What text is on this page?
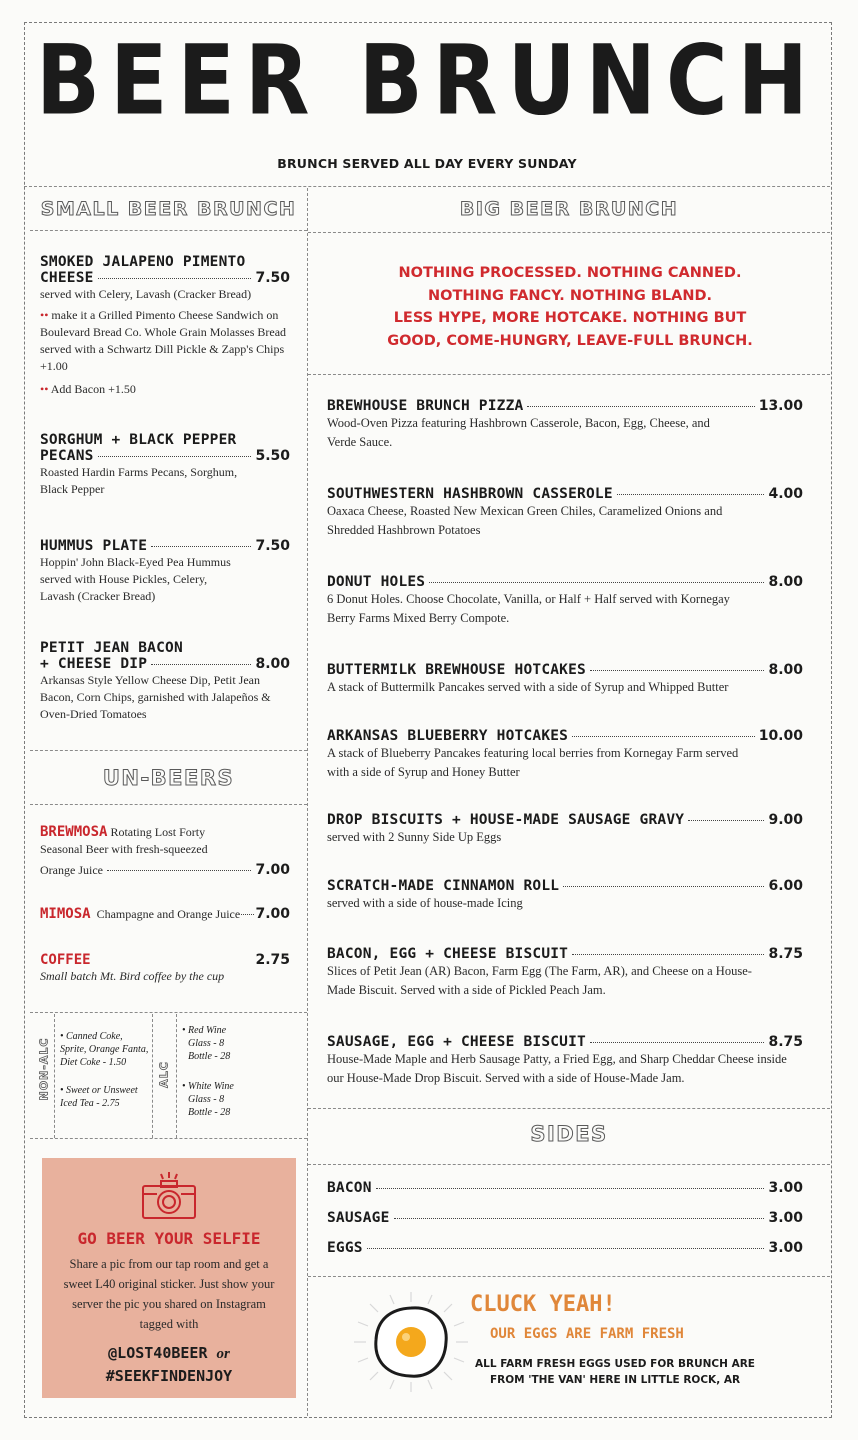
BEER BRUNCH
BRUNCH SERVED ALL DAY EVERY SUNDAY
SMALL BEER BRUNCH	BIG BEER BRUNCH
UN-BEERS
SIDES
SMOKED JALAPENO PIMENTO
CHEESE	7.50
served with Celery, Lavash (Cracker Bread)
•• make it a Grilled Pimento Cheese Sandwich on Boulevard Bread Co. Whole Grain Molasses Bread served with a Schwartz Dill Pickle & Zapp's Chips +1.00
•• Add Bacon +1.50
SORGHUM + BLACK PEPPER
PECANS	5.50
Roasted Hardin Farms Pecans, Sorghum, Black Pepper
HUMMUS PLATE	7.50
Hoppin' John Black-Eyed Pea Hummus served with House Pickles, Celery, Lavash (Cracker Bread)
PETIT JEAN BACON
+ CHEESE DIP	8.00
Arkansas Style Yellow Cheese Dip, Petit Jean Bacon, Corn Chips, garnished with Jalapeños & Oven-Dried Tomatoes
BREWMOSA Rotating Lost Forty
Seasonal Beer with fresh-squeezed
Orange Juice	7.00
MIMOSA Champagne and Orange Juice 7.00
COFFEE	2.75
Small batch Mt. Bird coffee by the cup
NON-ALC	ALC
• Canned Coke, Sprite, Orange Fanta, Diet Coke - 1.50
• Sweet or Unsweet Iced Tea - 2.75
• Red Wine
Glass - 8
Bottle - 28
• White Wine
Glass - 8
Bottle - 28
GO BEER YOUR SELFIE
Share a pic from our tap room and get a sweet L40 original sticker. Just show your server the pic you shared on Instagram tagged with
@LOST40BEER or
#SEEKFINDENJOY
NOTHING PROCESSED. NOTHING CANNED.
NOTHING FANCY. NOTHING BLAND.
LESS HYPE, MORE HOTCAKE. NOTHING BUT
GOOD, COME-HUNGRY, LEAVE-FULL BRUNCH.
BREWHOUSE BRUNCH PIZZA	13.00
Wood-Oven Pizza featuring Hashbrown Casserole, Bacon, Egg, Cheese, and Verde Sauce.
SOUTHWESTERN HASHBROWN CASSEROLE	4.00
Oaxaca Cheese, Roasted New Mexican Green Chiles, Caramelized Onions and Shredded Hashbrown Potatoes
DONUT HOLES	8.00
6 Donut Holes. Choose Chocolate, Vanilla, or Half + Half served with Kornegay Berry Farms Mixed Berry Compote.
BUTTERMILK BREWHOUSE HOTCAKES	8.00
A stack of Buttermilk Pancakes served with a side of Syrup and Whipped Butter
ARKANSAS BLUEBERRY HOTCAKES	10.00
A stack of Blueberry Pancakes featuring local berries from Kornegay Farm served with a side of Syrup and Honey Butter
DROP BISCUITS + HOUSE-MADE SAUSAGE GRAVY	9.00
served with 2 Sunny Side Up Eggs
SCRATCH-MADE CINNAMON ROLL	6.00
served with a side of house-made Icing
BACON, EGG + CHEESE BISCUIT	8.75
Slices of Petit Jean (AR) Bacon, Farm Egg (The Farm, AR), and Cheese on a House-Made Biscuit. Served with a side of Pickled Peach Jam.
SAUSAGE, EGG + CHEESE BISCUIT	8.75
House-Made Maple and Herb Sausage Patty, a Fried Egg, and Sharp Cheddar Cheese inside our House-Made Drop Biscuit. Served with a side of House-Made Jam.
BACON	3.00
SAUSAGE	3.00
EGGS	3.00
CLUCK YEAH!
OUR EGGS ARE FARM FRESH
ALL FARM FRESH EGGS USED FOR BRUNCH ARE
FROM 'THE VAN' HERE IN LITTLE ROCK, AR
